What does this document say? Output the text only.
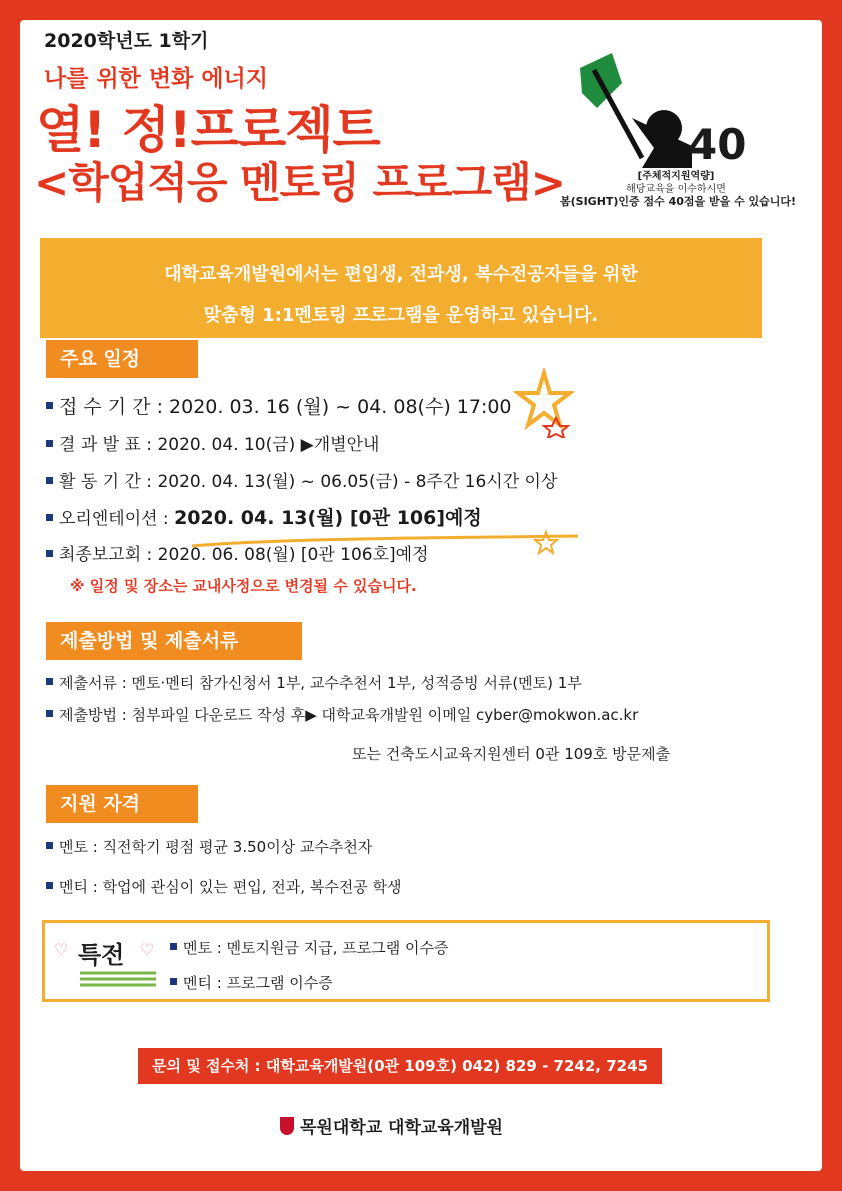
2020학년도 1학기
나를 위한 변화 에너지
열! 정!프로젝트
<학업적응 멘토링 프로그램>
40
[주체적지원역량]
해당교육을 이수하시면
봄(SIGHT)인증 점수 40점을 받을 수 있습니다!
대학교육개발원에서는 편입생, 전과생, 복수전공자들을 위한
맞춤형 1:1멘토링 프로그램을 운영하고 있습니다.
주요 일정
접 수 기 간 : 2020. 03. 16 (월) ~ 04. 08(수) 17:00
결 과 발 표 : 2020. 04. 10(금) ▶개별안내
활 동 기 간 : 2020. 04. 13(월) ~ 06.05(금) - 8주간 16시간 이상
오리엔테이션 : 2020. 04. 13(월) [0관 106]예정
최종보고회 : 2020. 06. 08(월) [0관 106호]예정
※ 일정 및 장소는 교내사정으로 변경될 수 있습니다.
제출방법 및 제출서류
제출서류 : 멘토·멘티 참가신청서 1부, 교수추천서 1부, 성적증빙 서류(멘토) 1부
제출방법 : 첨부파일 다운로드 작성 후▶ 대학교육개발원 이메일 cyber@mokwon.ac.kr
또는 건축도시교육지원센터 0관 109호 방문제출
지원 자격
멘토 : 직전학기 평점 평균 3.50이상 교수추천자
멘티 : 학업에 관심이 있는 편입, 전과, 복수전공 학생
♡	♡
특전	멘토 : 멘토지원금 지급, 프로그램 이수증
멘티 : 프로그램 이수증
문의 및 접수처 : 대학교육개발원(0관 109호) 042) 829 - 7242, 7245
목원대학교 대학교육개발원
